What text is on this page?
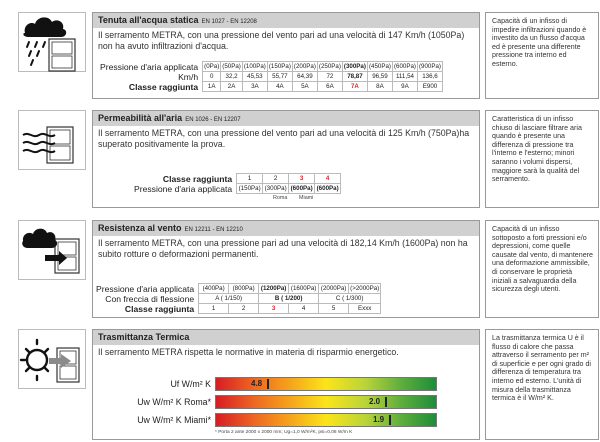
Tenuta all'acqua statica EN 1027 - EN 12208
Il serramento METRA, con una pressione del vento pari ad una velocità di 147 Km/h (1050Pa) non ha avuto infiltrazioni d'acqua.
Pressione d'aria applicata	(0Pa)	(50Pa)	(100Pa)	(150Pa)	(200Pa)	(250Pa)	(300Pa)	(450Pa)	(600Pa)	(900Pa)
Km/h	0	32,2	45,53	55,77	64,39	72	78,87	96,59	111,54	136,6
Classe raggiunta	1A	2A	3A	4A	5A	6A	7A	8A	9A	E900
Capacità di un infisso di impedire infiltrazioni quando è investito da un flusso d'acqua ed è presente una differente pressione tra interno ed esterno.
Permeabilità all'aria EN 1026 - EN 12207
Il serramento METRA, con una pressione del vento pari ad una velocità di 125 Km/h (750Pa)ha superato positivamente la prova.
Classe raggiunta	1	2	3	4
Pressione d'aria applicata	(150Pa)	(300Pa)	(600Pa)	(600Pa)
Roma Miami
Caratteristica di un infisso chiuso di lasciare filtrare aria quando è presente una differenza di pressione tra l'interno e l'esterno; minori saranno i volumi dispersi, maggiore sarà la qualità del serramento.
Resistenza al vento EN 12211 - EN 12210
Il serramento METRA, con una pressione pari ad una velocità di 182,14 Km/h (1600Pa) non ha subito rotture o deformazioni permanenti.
Pressione d'aria applicata	(400Pa)	(800Pa)	(1200Pa)	(1600Pa)	(2000Pa)	(>2000Pa)
Con freccia di flessione	A ( 1/150)		B ( 1/200)		C ( 1/300)	
Classe raggiunta	1	2	3	4	5	Exxx
Capacità di un infisso sottoposto a forti pressioni e/o depressioni, come quelle causate dal vento, di mantenere una deformazione ammissibile, di conservare le proprietà iniziali a salvaguardia della sicurezza degli utenti.
Trasmittanza Termica
Il serramento METRA rispetta le normative in materia di risparmio energetico.
Uf W/m² K	4.8
Uw W/m² K Roma*	2.0
Uw W/m² K Miami*	1.9
* Porta 2 ante 2000 x 2000 mm; Ug=1,0 W/m²K, psi=0,06 W/m K
La trasmittanza termica U è il flusso di calore che passa attraverso il serramento per m² di superficie e per ogni grado di differenza di temperatura tra interno ed esterno. L'unità di misura della trasmittanza termica è il W/m² K.
